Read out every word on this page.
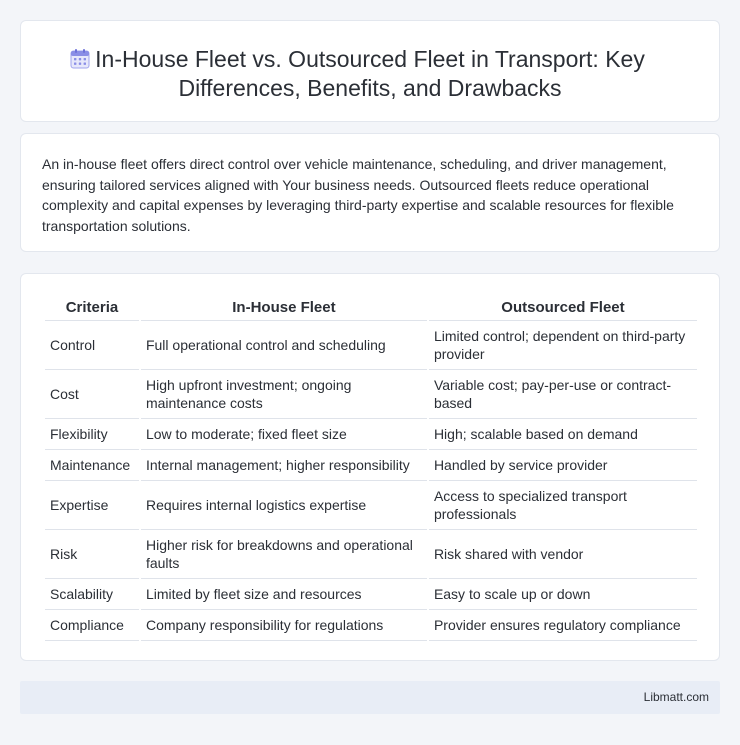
In-House Fleet vs. Outsourced Fleet in Transport: Key Differences, Benefits, and Drawbacks

An in-house fleet offers direct control over vehicle maintenance, scheduling, and driver management, ensuring tailored services aligned with Your business needs. Outsourced fleets reduce operational complexity and capital expenses by leveraging third-party expertise and scalable resources for flexible transportation solutions.

Criteria	In-House Fleet	Outsourced Fleet
Control	Full operational control and scheduling	Limited control; dependent on third-party provider
Cost	High upfront investment; ongoing maintenance costs	Variable cost; pay-per-use or contract-based
Flexibility	Low to moderate; fixed fleet size	High; scalable based on demand
Maintenance	Internal management; higher responsibility	Handled by service provider
Expertise	Requires internal logistics expertise	Access to specialized transport professionals
Risk	Higher risk for breakdowns and operational faults	Risk shared with vendor
Scalability	Limited by fleet size and resources	Easy to scale up or down
Compliance	Company responsibility for regulations	Provider ensures regulatory compliance
Libmatt.com
